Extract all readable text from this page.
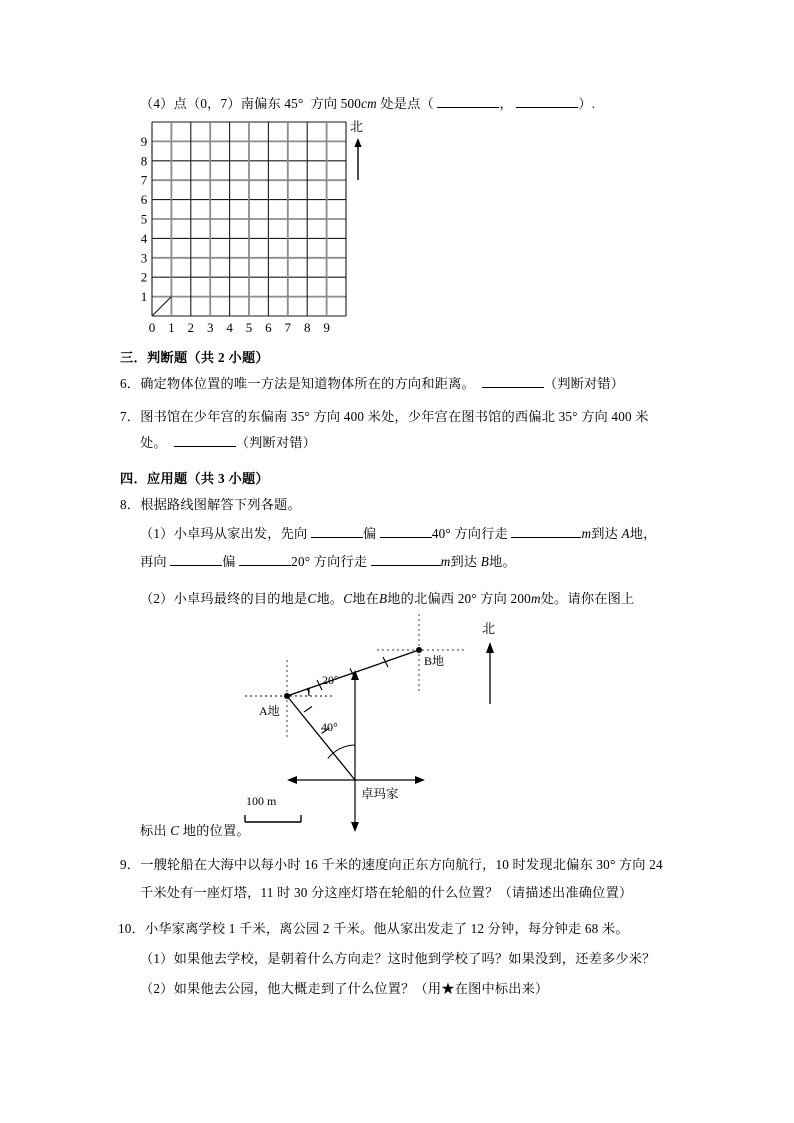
（4）点（0，7）南偏东 45° 方向 500cm 处是点（	，	）.
0 1 2 3 4 5 6 7 8 9
1
2
3
4
5
6
7
8
9
北
三．判断题（共 2 小题）
6．确定物体位置的唯一方法是知道物体所在的方向和距离。	（判断对错）
7．图书馆在少年宫的东偏南 35° 方向 400 米处，少年宫在图书馆的西偏北 35° 方向 400 米
处。	（判断对错）
四．应用题（共 3 小题）
8．根据路线图解答下列各题。
（1）小卓玛从家出发，先向	偏	40° 方向行走	m到达 A地，
再向	偏	20° 方向行走	m到达 B地。
（2）小卓玛最终的目的地是C地。C地在B地的北偏西 20° 方向 200m处。请你在图上
A地
B地
卓玛家
20°
40°
北
100 m
标出 C 地的位置。
9．一艘轮船在大海中以每小时 16 千米的速度向正东方向航行，10 时发现北偏东 30° 方向 24
千米处有一座灯塔，11 时 30 分这座灯塔在轮船的什么位置？（请描述出准确位置）
10．小华家离学校 1 千米，离公园 2 千米。他从家出发走了 12 分钟，每分钟走 68 米。
（1）如果他去学校，是朝着什么方向走？这时他到学校了吗？如果没到，还差多少米？
（2）如果他去公园，他大概走到了什么位置？（用★在图中标出来）
